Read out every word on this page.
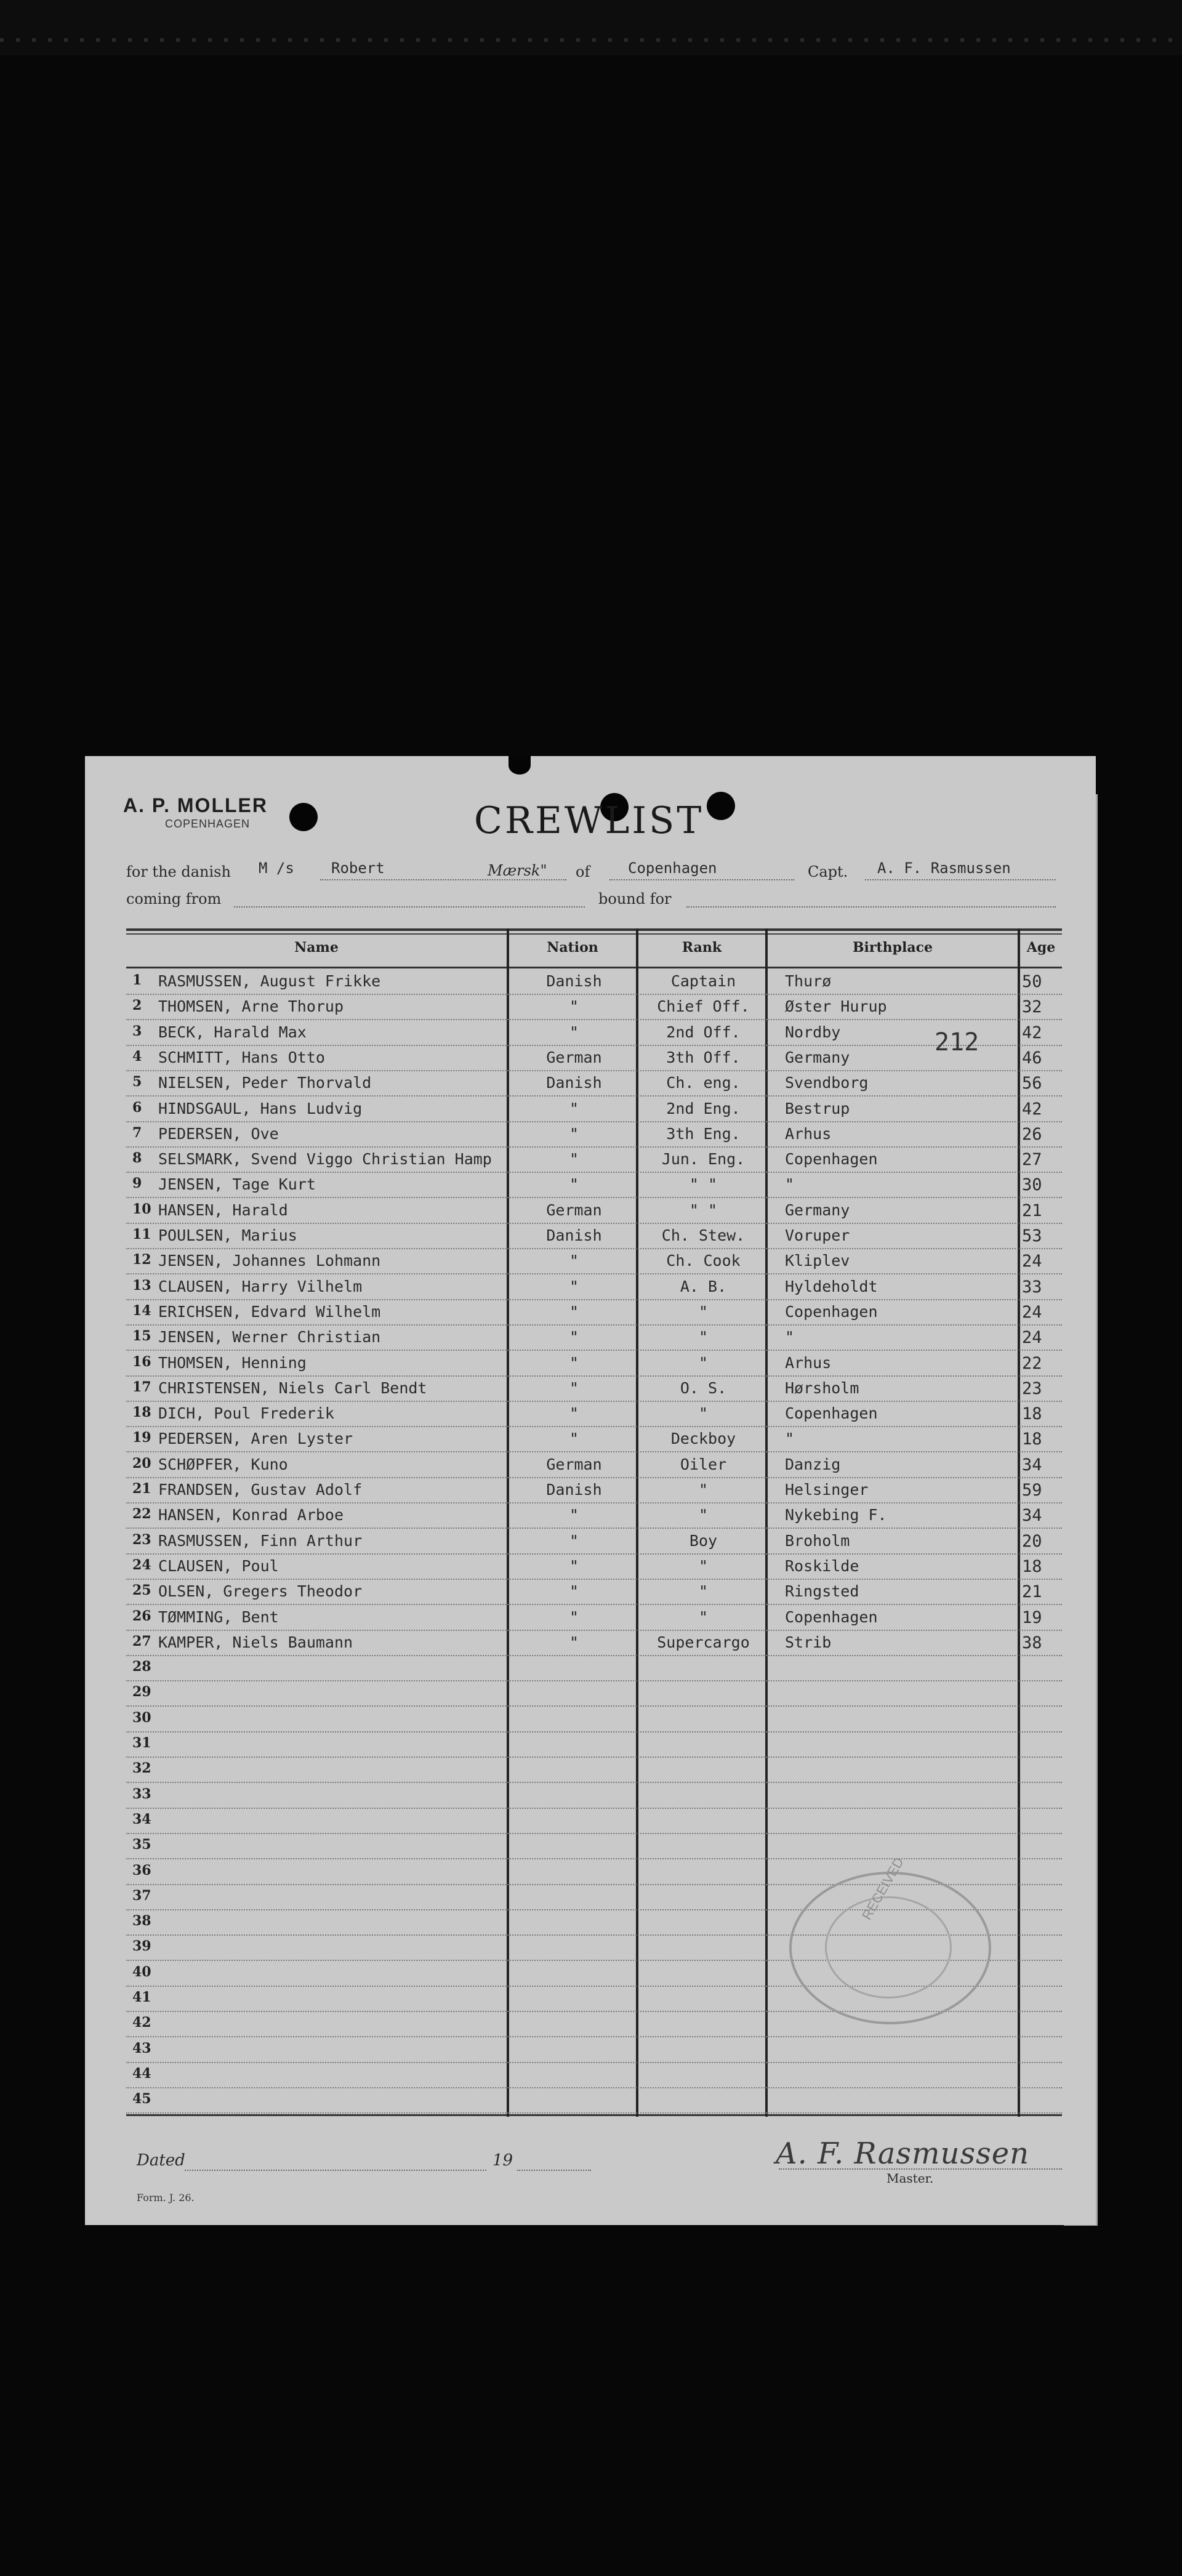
A. P. MOLLER
COPENHAGEN	CREWLIST
for the danish M /s	Robert	Mærsk" of	Copenhagen	Capt. A. F. Rasmussen
coming from	bound for
Name	Nation	Rank	Birthplace	Age
1	RASMUSSEN, August Frikke	Danish	Captain	Thurø	50
2	THOMSEN, Arne Thorup	"	Chief Off.	Øster Hurup	32
3	BECK, Harald Max	"	2nd Off.	Nordby	42
4	SCHMITT, Hans Otto	German	3th Off.	Germany	46
5	NIELSEN, Peder Thorvald	Danish	Ch. eng.	Svendborg	56
6	HINDSGAUL, Hans Ludvig	"	2nd Eng.	Bestrup	42
7	PEDERSEN, Ove	"	3th Eng.	Arhus	26
8	SELSMARK, Svend Viggo Christian Hamp	"	Jun. Eng.	Copenhagen	27
9	JENSEN, Tage Kurt	"	" "	"	30
10 HANSEN, Harald	German	" "	Germany	21
11 POULSEN, Marius	Danish	Ch. Stew.	Voruper	53
12 JENSEN, Johannes Lohmann	"	Ch. Cook	Kliplev	24
13 CLAUSEN, Harry Vilhelm	"	A. B.	Hyldeholdt	33
14 ERICHSEN, Edvard Wilhelm	"	"	Copenhagen	24
15 JENSEN, Werner Christian	"	"	"	24
16 THOMSEN, Henning	"	"	Arhus	22
17 CHRISTENSEN, Niels Carl Bendt	"	O. S.	Hørsholm	23
18 DICH, Poul Frederik	"	"	Copenhagen	18
19 PEDERSEN, Aren Lyster	"	Deckboy	"	18
20 SCHØPFER, Kuno	German	Oiler	Danzig	34
21 FRANDSEN, Gustav Adolf	Danish	"	Helsinger	59
22 HANSEN, Konrad Arboe	"	"	Nykebing F.	34
23 RASMUSSEN, Finn Arthur	"	Boy	Broholm	20
24 CLAUSEN, Poul	"	"	Roskilde	18
25 OLSEN, Gregers Theodor	"	"	Ringsted	21
26 TØMMING, Bent	"	"	Copenhagen	19
27 KAMPER, Niels Baumann	"	Supercargo	Strib	38
28
29
30
31
32
33
34
35
36
37
38
39
40
41
42
43
44
45
212
RECEIVED
Dated	19	A. F. Rasmussen
Master.
Form. J. 26.
